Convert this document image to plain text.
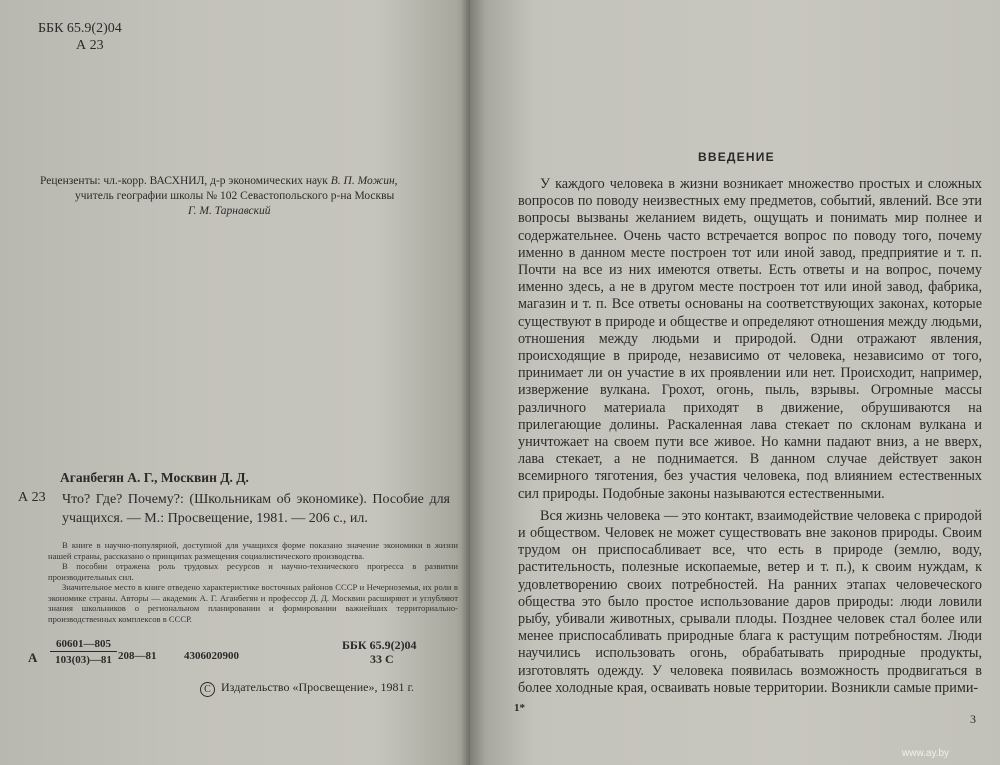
ББК 65.9(2)04
А 23
Рецензенты: чл.-корр. ВАСХНИЛ, д-р экономических наук В. П. Можин,
учитель географии школы № 102 Севастопольского р-на Москвы
Г. М. Тарнавский
Аганбегян А. Г., Москвин Д. Д.
А 23 Что? Где? Почему?: (Школьникам об экономике). Пособие для учащихся. — М.: Просвещение, 1981. — 206 с., ил.

В книге в научно-популярной, доступной для учащихся форме показано значение экономики в жизни нашей страны, рассказано о принципах размещения социалистического производства.

В пособии отражена роль трудовых ресурсов и научно-технического прогресса в развитии производительных сил.

Значительное место в книге отведено характеристике восточных районов СССР и Нечерноземья, их роли в экономике страны. Авторы — академик А. Г. Аганбегян и профессор Д. Д. Москвин расширяют и углубляют знания школьников о региональном планировании и формировании важнейших территориально-производственных комплексов в СССР.

А $\frac{60601—805}{103(03)—81}$ 208—81	4306020900
ББК 65.9(2)04
33 С
C Издательство «Просвещение», 1981 г.
ВВЕДЕНИЕ

У каждого человека в жизни возникает множество простых и сложных вопросов по поводу неизвестных ему предметов, событий, явлений. Все эти вопросы вызваны желанием видеть, ощущать и понимать мир полнее и содержательнее. Очень часто встречается вопрос по поводу того, почему именно в данном месте построен тот или иной завод, предприятие и т. п. Почти на все из них имеются ответы. Есть ответы и на вопрос, почему именно здесь, а не в другом месте построен тот или иной завод, фабрика, магазин и т. п. Все ответы основаны на соответствующих законах, которые существуют в природе и обществе и определяют отношения между людьми, отношения между людьми и природой. Одни отражают явления, происходящие в природе, независимо от человека, независимо от того, принимает ли он участие в их проявлении или нет. Происходит, например, извержение вулкана. Грохот, огонь, пыль, взрывы. Огромные массы различного материала приходят в движение, обрушиваются на прилегающие долины. Раскаленная лава стекает по склонам вулкана и уничтожает на своем пути все живое. Но камни падают вниз, а не вверх, лава стекает, а не поднимается. В данном случае действует закон всемирного тяготения, без участия человека, под влиянием естественных сил природы. Подобные законы называются естественными.

Вся жизнь человека — это контакт, взаимодействие человека с природой и обществом. Человек не может существовать вне законов природы. Своим трудом он приспосабливает все, что есть в природе (землю, воду, растительность, полезные ископаемые, ветер и т. п.), к своим нуждам, к удовлетворению своих потребностей. На ранних этапах человеческого общества это было простое использование даров природы: люди ловили рыбу, убивали животных, срывали плоды. Позднее человек стал более или менее приспосабливать природные блага к растущим потребностям. Люди научились использовать огонь, обрабатывать природные продукты, изготовлять одежду. У человека появилась возможность продвигаться в более холодные края, осваивать новые территории. Возникли самые прими-

1*
3
www.ay.by
